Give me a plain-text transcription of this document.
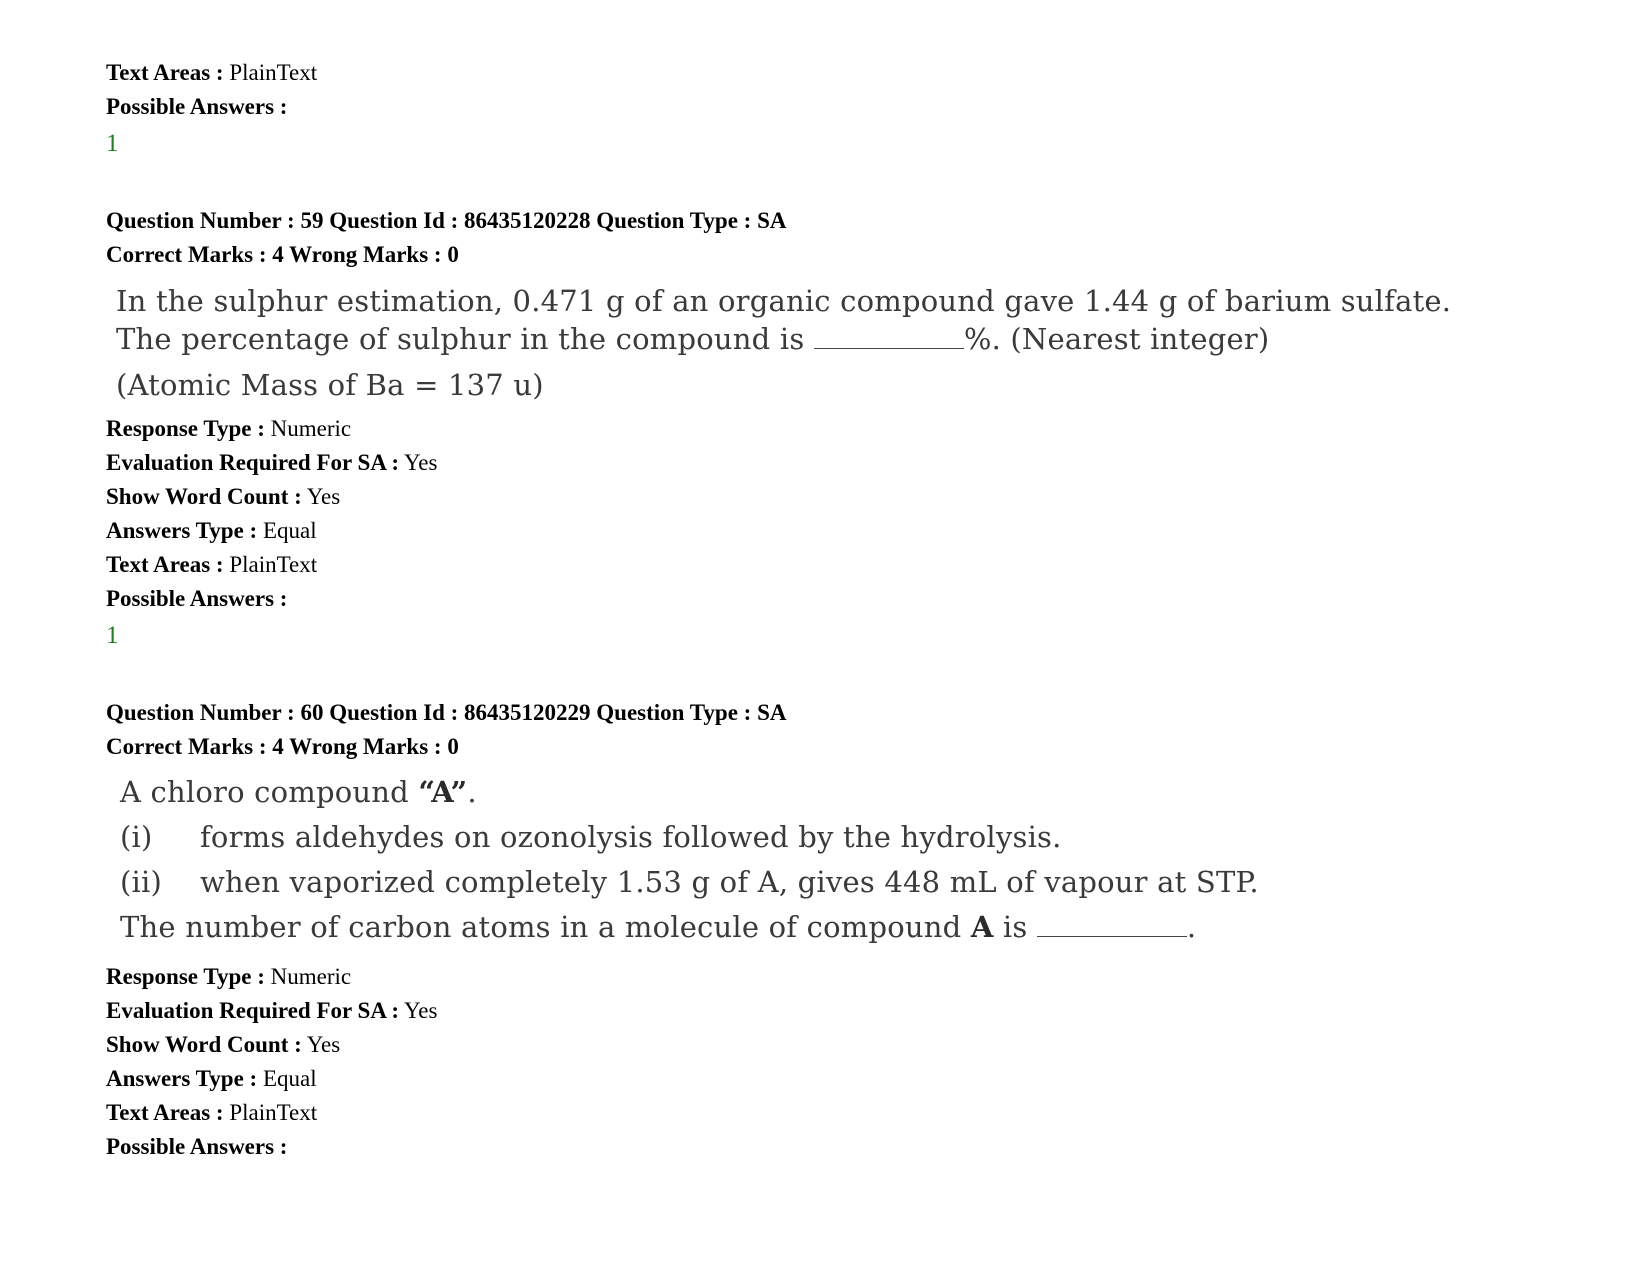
Text Areas : PlainText
Possible Answers :
1
Question Number : 59 Question Id : 86435120228 Question Type : SA
Correct Marks : 4 Wrong Marks : 0
In the sulphur estimation, 0.471 g of an organic compound gave 1.44 g of barium sulfate.
The percentage of sulphur in the compound is	%. (Nearest integer)
(Atomic Mass of Ba = 137 u)
Response Type : Numeric
Evaluation Required For SA : Yes
Show Word Count : Yes
Answers Type : Equal
Text Areas : PlainText
Possible Answers :
1
Question Number : 60 Question Id : 86435120229 Question Type : SA
Correct Marks : 4 Wrong Marks : 0
A chloro compound “A”.
(i) forms aldehydes on ozonolysis followed by the hydrolysis.
(ii) when vaporized completely 1.53 g of A, gives 448 mL of vapour at STP.
The number of carbon atoms in a molecule of compound A is	.
Response Type : Numeric
Evaluation Required For SA : Yes
Show Word Count : Yes
Answers Type : Equal
Text Areas : PlainText
Possible Answers :
